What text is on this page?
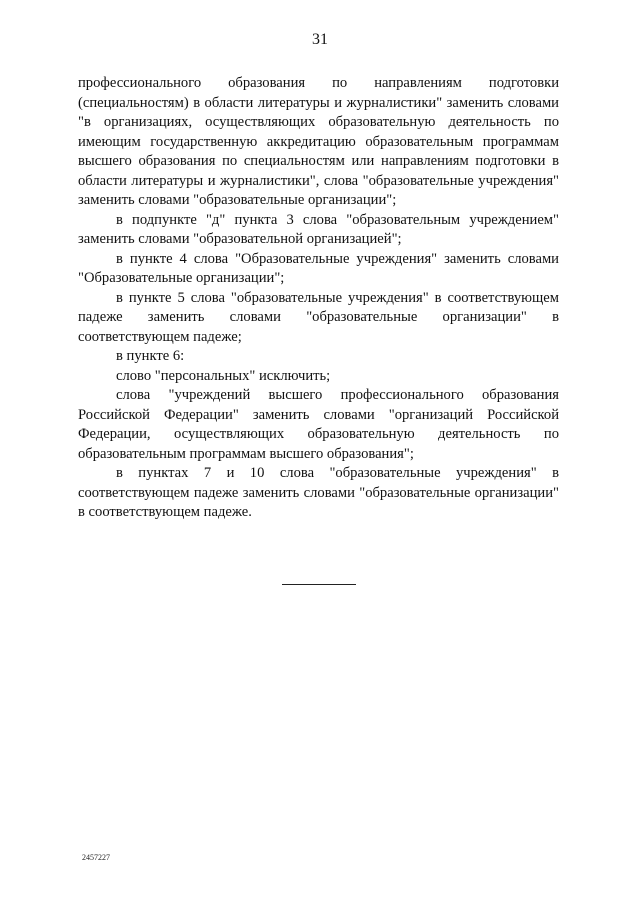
31

профессионального образования по направлениям подготовки (специальностям) в области литературы и журналистики" заменить словами "в организациях, осуществляющих образовательную деятельность по имеющим государственную аккредитацию образовательным программам высшего образования по специальностям или направлениям подготовки в области литературы и журналистики", слова "образовательные учреждения" заменить словами "образовательные организации";

в подпункте "д" пункта 3 слова "образовательным учреждением" заменить словами "образовательной организацией";

в пункте 4 слова "Образовательные учреждения" заменить словами "Образовательные организации";

в пункте 5 слова "образовательные учреждения" в соответствующем падеже заменить словами "образовательные организации" в соответствующем падеже;

в пункте 6:

слово "персональных" исключить;

слова "учреждений высшего профессионального образования Российской Федерации" заменить словами "организаций Российской Федерации, осуществляющих образовательную деятельность по образовательным программам высшего образования";

в пунктах 7 и 10 слова "образовательные учреждения" в соответствующем падеже заменить словами "образовательные организации" в соответствующем падеже.

2457227
